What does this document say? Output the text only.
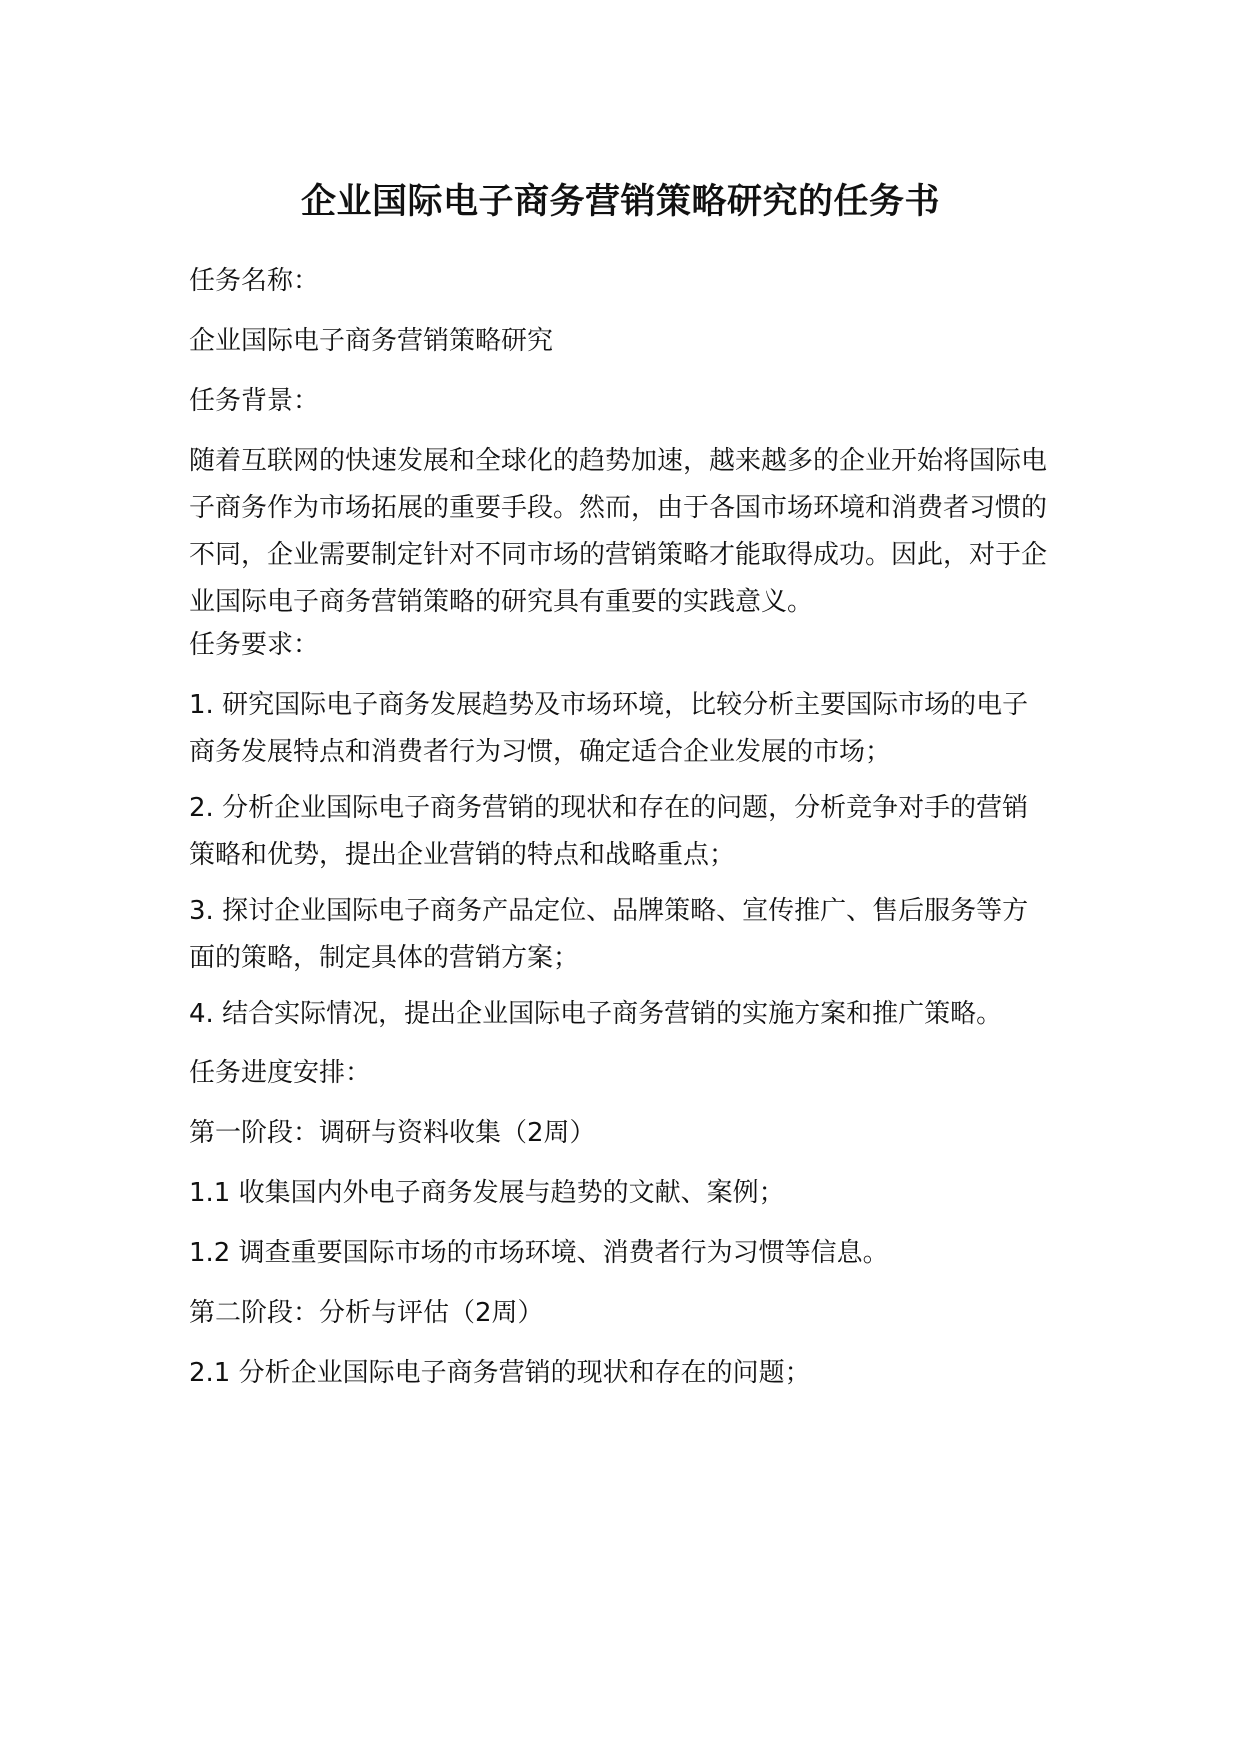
企业国际电子商务营销策略研究的任务书
任务名称：
企业国际电子商务营销策略研究
任务背景：
随着互联网的快速发展和全球化的趋势加速，越来越多的企业开始将国际电子商务作为市场拓展的重要手段。然而，由于各国市场环境和消费者习惯的不同，企业需要制定针对不同市场的营销策略才能取得成功。因此，对于企业国际电子商务营销策略的研究具有重要的实践意义。
任务要求：
1. 研究国际电子商务发展趋势及市场环境，比较分析主要国际市场的电子商务发展特点和消费者行为习惯，确定适合企业发展的市场；
2. 分析企业国际电子商务营销的现状和存在的问题，分析竞争对手的营销策略和优势，提出企业营销的特点和战略重点；
3. 探讨企业国际电子商务产品定位、品牌策略、宣传推广、售后服务等方面的策略，制定具体的营销方案；
4. 结合实际情况，提出企业国际电子商务营销的实施方案和推广策略。
任务进度安排：
第一阶段：调研与资料收集（2周）
1.1 收集国内外电子商务发展与趋势的文献、案例；
1.2 调查重要国际市场的市场环境、消费者行为习惯等信息。
第二阶段：分析与评估（2周）
2.1 分析企业国际电子商务营销的现状和存在的问题；
